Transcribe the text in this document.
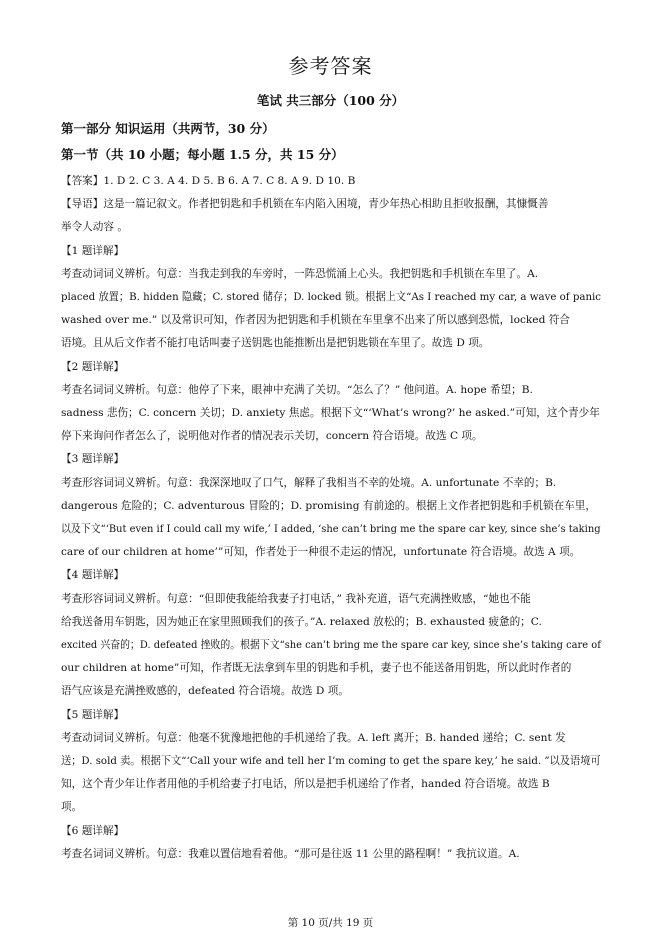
参考答案
笔试 共三部分（100 分）
第一部分 知识运用（共两节，30 分）
第一节（共 10 小题；每小题 1.5 分，共 15 分）

【答案】1. D 2. C 3. A 4. D 5. B 6. A 7. C 8. A 9. D 10. B

【导语】这是一篇记叙文。作者把钥匙和手机锁在车内陷入困境，青少年热心相助且拒收报酬，其慷慨善

举令人动容 。

【1 题详解】

考查动词词义辨析。句意：当我走到我的车旁时，一阵恐慌涌上心头。我把钥匙和手机锁在车里了。A.

placed 放置；B. hidden 隐藏；C. stored 储存；D. locked 锁。根据上文“As I reached my car, a wave of panic

washed over me.” 以及常识可知，作者因为把钥匙和手机锁在车里拿不出来了所以感到恐慌，locked 符合

语境。且从后文作者不能打电话叫妻子送钥匙也能推断出是把钥匙锁在车里了。故选 D 项。

【2 题详解】

考查名词词义辨析。句意：他停了下来，眼神中充满了关切。“怎么了？” 他问道。A. hope 希望；B.

sadness 悲伤；C. concern 关切；D. anxiety 焦虑。根据下文“‘What’s wrong?’ he asked.”可知，这个青少年

停下来询问作者怎么了，说明他对作者的情况表示关切，concern 符合语境。故选 C 项。

【3 题详解】

考查形容词词义辨析。句意：我深深地叹了口气，解释了我相当不幸的处境。A. unfortunate 不幸的；B.

dangerous 危险的；C. adventurous 冒险的；D. promising 有前途的。根据上文作者把钥匙和手机锁在车里，

以及下文“‘But even if I could call my wife,’ I added, ‘she can’t bring me the spare car key, since she’s taking

care of our children at home’”可知，作者处于一种很不走运的情况，unfortunate 符合语境。故选 A 项。

【4 题详解】

考查形容词词义辨析。句意：“但即使我能给我妻子打电话，” 我补充道，语气充满挫败感，“她也不能

给我送备用车钥匙，因为她正在家里照顾我们的孩子。”A. relaxed 放松的；B. exhausted 疲惫的；C.

excited 兴奋的；D. defeated 挫败的。根据下文“she can’t bring me the spare car key, since she’s taking care of

our children at home”可知，作者既无法拿到车里的钥匙和手机，妻子也不能送备用钥匙，所以此时作者的

语气应该是充满挫败感的，defeated 符合语境。故选 D 项。

【5 题详解】

考查动词词义辨析。句意：他毫不犹豫地把他的手机递给了我。A. left 离开；B. handed 递给；C. sent 发

送；D. sold 卖。根据下文“‘Call your wife and tell her I’m coming to get the spare key,’ he said. ”以及语境可

知，这个青少年让作者用他的手机给妻子打电话，所以是把手机递给了作者，handed 符合语境。故选 B

项。

【6 题详解】

考查名词词义辨析。句意：我难以置信地看着他。“那可是往返 11 公里的路程啊！” 我抗议道。A.

第 10 页/共 19 页
